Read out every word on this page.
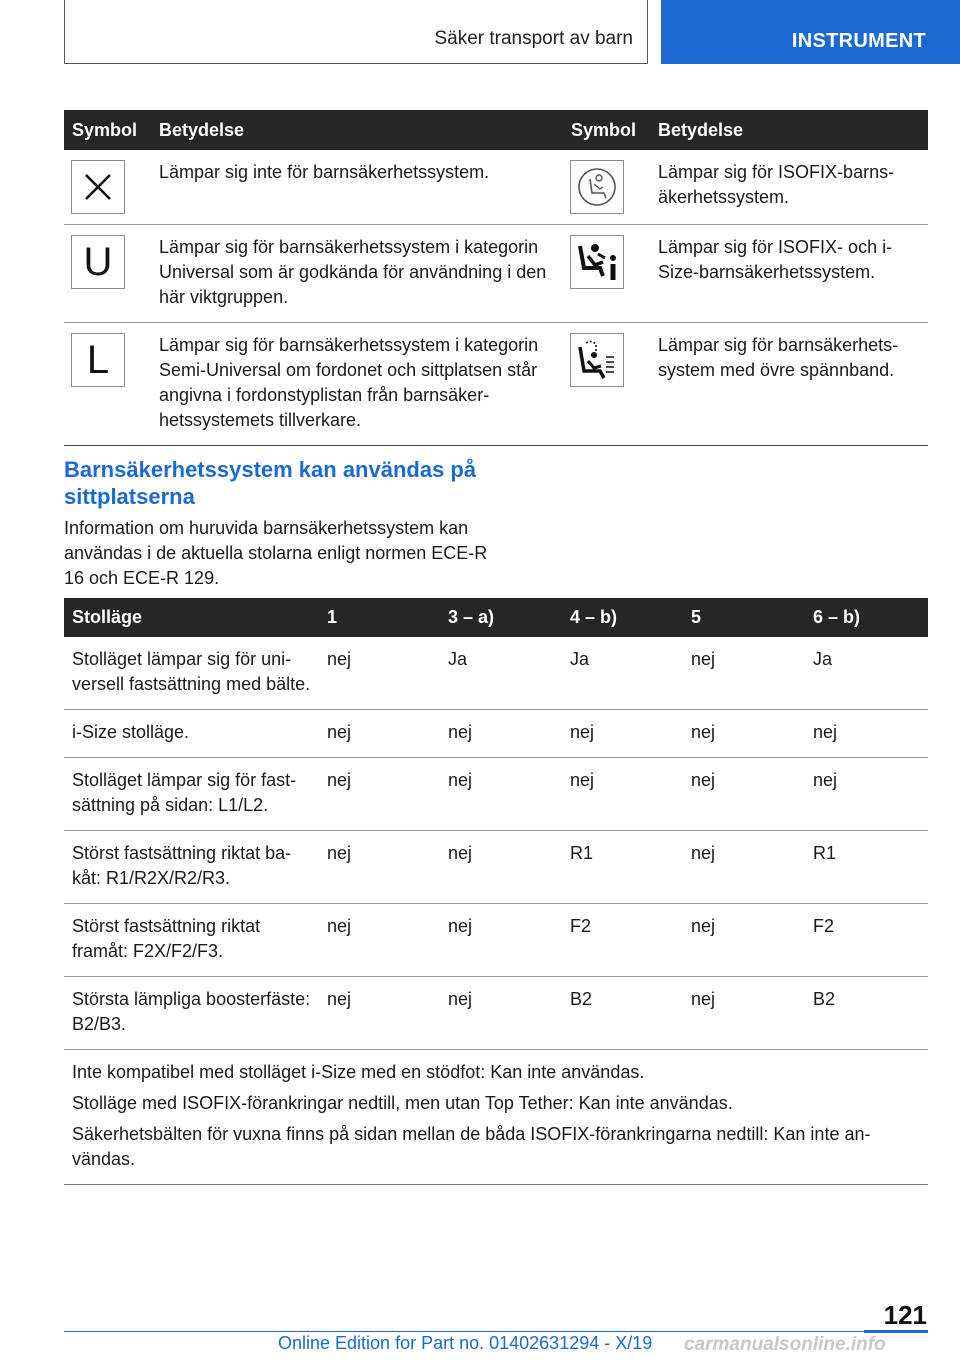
Säker transport av barn	INSTRUMENT
Symbol	Betydelse	Symbol	Betydelse

	Lämpar sig inte för barnsäkerhetssystem.		Lämpar sig för ISOFIX-barnsäkerhetssystem.

U	Lämpar sig för barnsäkerhetssystem i kategorin Universal som är godkända för användning i den här viktgruppen.		Lämpar sig för ISOFIX- och i-Size-barnsäkerhetssystem.

L	Lämpar sig för barnsäkerhetssystem i kategorin Semi-Universal om fordonet och sittplatsen står angivna i fordonstyplistan från barnsäkerhetssystemets tillverkare.		Lämpar sig för barnsäkerhetssystem med övre spännband.
Barnsäkerhetssystem kan användas på sittplatserna
Information om huruvida barnsäkerhetssystem kan användas i de aktuella stolarna enligt normen ECE-R 16 och ECE-R 129.
Stolläge	1	3 – a)	4 – b)	5	6 – b)
Stolläget lämpar sig för universell fastsättning med bälte.	nej	Ja	Ja	nej	Ja
i-Size stolläge.	nej	nej	nej	nej	nej
Stolläget lämpar sig för fastsättning på sidan: L1/L2.	nej	nej	nej	nej	nej
Störst fastsättning riktat bakåt: R1/R2X/R2/R3.	nej	nej	R1	nej	R1
Störst fastsättning riktat framåt: F2X/F2/F3.	nej	nej	F2	nej	F2
Största lämpliga boosterfäste: B2/B3.	nej	nej	B2	nej	B2

Inte kompatibel med stolläget i-Size med en stödfot: Kan inte användas.
Stolläge med ISOFIX-förankringar nedtill, men utan Top Tether: Kan inte användas.
Säkerhetsbälten för vuxna finns på sidan mellan de båda ISOFIX-förankringarna nedtill: Kan inte användas.					
121
Online Edition for Part no. 01402631294 - X/19 carmanualsonline.info
